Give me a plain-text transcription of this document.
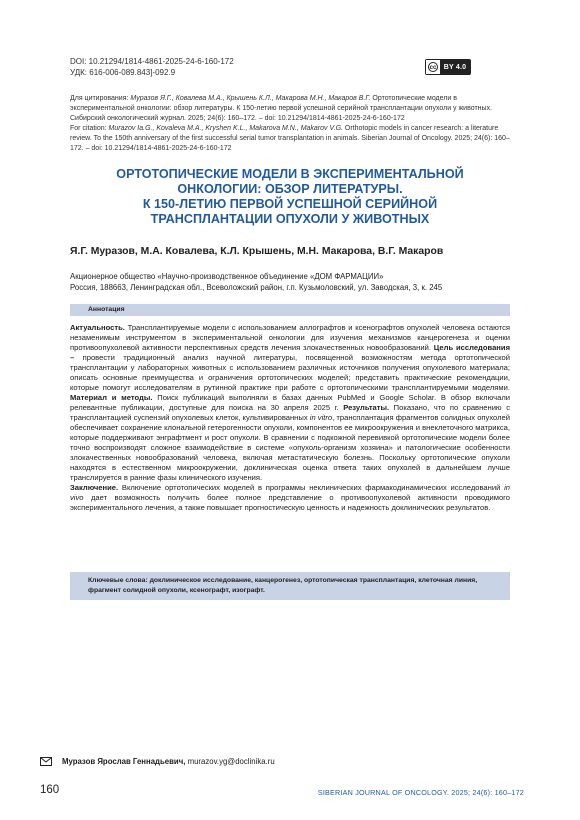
DOI: 10.21294/1814-4861-2025-24-6-160-172
УДК: 616-006-089.843]-092.9	cc	BY 4.0
Для цитирования: Муразов Я.Г., Ковалева М.А., Крышень К.Л., Макарова М.Н., Макаров В.Г. Ортотопические модели в экспериментальной онкологии: обзор литературы. К 150-летию первой успешной серийной трансплантации опухоли у животных. Сибирский онкологический журнал. 2025; 24(6): 160–172. – doi: 10.21294/1814-4861-2025-24-6-160-172
For citation: Murazov Ia.G., Kovaleva M.A., Kryshen K.L., Makarova M.N., Makarov V.G. Orthotopic models in cancer research: a literature review. To the 150th anniversary of the first successful serial tumor transplantation in animals. Siberian Journal of Oncology. 2025; 24(6): 160–172. – doi: 10.21294/1814-4861-2025-24-6-160-172
ОРТОТОПИЧЕСКИЕ МОДЕЛИ В ЭКСПЕРИМЕНТАЛЬНОЙ
ОНКОЛОГИИ: ОБЗОР ЛИТЕРАТУРЫ.
К 150-ЛЕТИЮ ПЕРВОЙ УСПЕШНОЙ СЕРИЙНОЙ
ТРАНСПЛАНТАЦИИ ОПУХОЛИ У ЖИВОТНЫХ
Я.Г. Муразов, М.А. Ковалева, К.Л. Крышень, М.Н. Макарова, В.Г. Макаров
Акционерное общество «Научно-производственное объединение «ДОМ ФАРМАЦИИ»
Россия, 188663, Ленинградская обл., Всеволожский район, г.п. Кузьмоловский, ул. Заводская, 3, к. 245
Аннотация

Актуальность. Трансплантируемые модели с использованием аллографтов и ксенографтов опухолей человека остаются незаменимым инструментом в экспериментальной онкологии для изучения механизмов канцерогенеза и оценки противоопухолевой активности перспективных средств лечения злокачественных новообразований. Цель исследования – провести традиционный анализ научной литературы, посвященной возможностям метода ортотопической трансплантации у лабораторных животных с использованием различных источников получения опухолевого материала; описать основные преимущества и ограничения ортотопических моделей; представить практические рекомендации, которые помогут исследователям в рутинной практике при работе с ортотопическими трансплантируемыми моделями. Материал и методы. Поиск публикаций выполняли в базах данных PubMed и Google Scholar. В обзор включали релевантные публикации, доступные для поиска на 30 апреля 2025 г. Результаты. Показано, что по сравнению с трансплантацией суспензий опухолевых клеток, культивированных in vitro, трансплантация фрагментов солидных опухолей обеспечивает сохранение клональной гетерогенности опухоли, компонентов ее микроокружения и внеклеточного матрикса, которые поддерживают энграфтмент и рост опухоли. В сравнении с подкожной перевивкой ортотопические модели более точно воспроизводят сложное взаимодействие в системе «опухоль-организм хозяина» и патологические особенности злокачественных новообразований человека, включая метастатическую болезнь. Поскольку ортотопические опухоли находятся в естественном микроокружении, доклиническая оценка ответа таких опухолей в дальнейшем лучше транслируется в ранние фазы клинического изучения.

Заключение. Включение ортотопических моделей в программы неклинических фармакодинамических исследований in vivo дает возможность получить более полное представление о противоопухолевой активности проводимого экспериментального лечения, а также повышает прогностическую ценность и надежность доклинических результатов.

Ключевые слова: доклиническое исследование, канцерогенез, ортотопическая трансплантация, клеточная линия, фрагмент солидной опухоли, ксенографт, изографт.
Муразов Ярослав Геннадьевич, murazov.yg@doclinika.ru
160	SIBERIAN JOURNAL OF ONCOLOGY. 2025; 24(6): 160–172
